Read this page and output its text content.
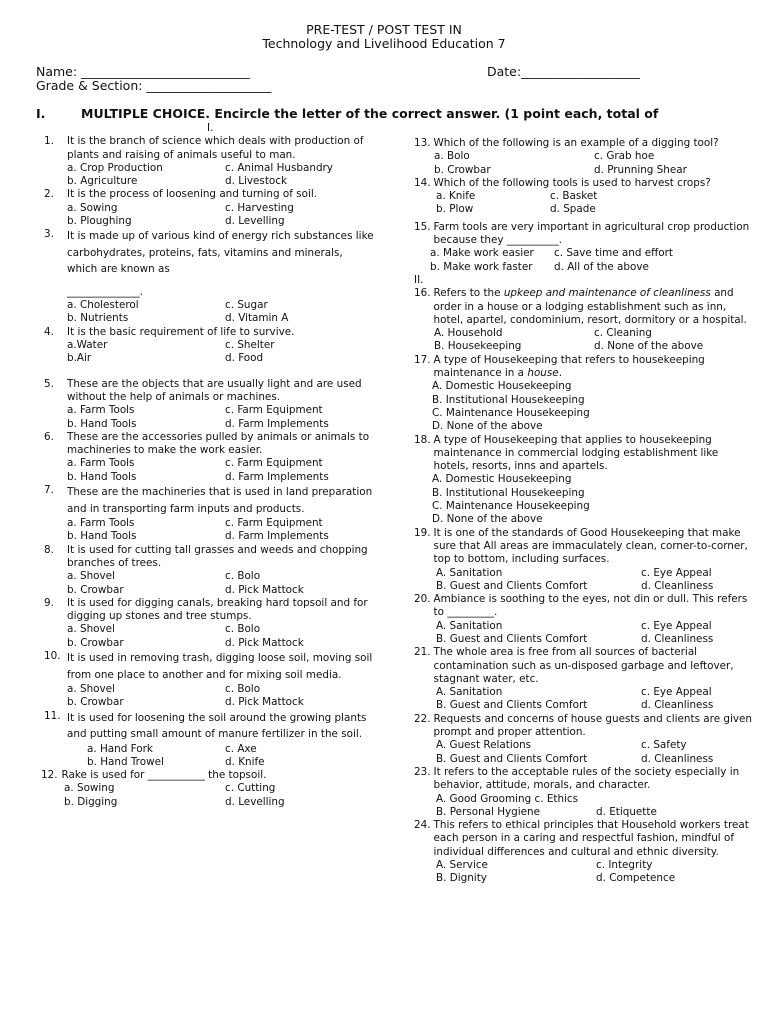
PRE-TEST / POST TEST IN
Technology and Livelihood Education 7
Name: ___________________________	Date:___________________
Grade & Section: ____________________
I.	MULTIPLE CHOICE. Encircle the letter of the correct answer. (1 point each, total of
I.
1.	It is the branch of science which deals with production of plants and raising of animals useful to man.
a. Crop Production	c. Animal Husbandry
b. Agriculture	d. Livestock
2.	It is the process of loosening and turning of soil.
a. Sowing	c. Harvesting
b. Ploughing	d. Levelling
3.	It is made up of various kind of energy rich substances like carbohydrates, proteins, fats, vitamins and minerals, which are known as
______________.
a. Cholesterol	c. Sugar
b. Nutrients	d. Vitamin A
4.	It is the basic requirement of life to survive.
a.Water	c. Shelter
b.Air	d. Food
5.	These are the objects that are usually light and are used without the help of animals or machines.
a. Farm Tools	c. Farm Equipment
b. Hand Tools	d. Farm Implements
6.	These are the accessories pulled by animals or animals to machineries to make the work easier.
a. Farm Tools	c. Farm Equipment
b. Hand Tools	d. Farm Implements
7.	These are the machineries that is used in land preparation and in transporting farm inputs and products.
a. Farm Tools	c. Farm Equipment
b. Hand Tools	d. Farm Implements
8.	It is used for cutting tall grasses and weeds and chopping branches of trees.
a. Shovel	c. Bolo
b. Crowbar	d. Pick Mattock
9.	It is used for digging canals, breaking hard topsoil and for digging up stones and tree stumps.
a. Shovel	c. Bolo
b. Crowbar	d. Pick Mattock
10. It is used in removing trash, digging loose soil, moving soil from one place to another and for mixing soil media.
a. Shovel	c. Bolo
b. Crowbar	d. Pick Mattock
11. It is used for loosening the soil around the growing plants and putting small amount of manure fertilizer in the soil.
a. Hand Fork	c. Axe
b. Hand Trowel	d. Knife
12. Rake is used for ___________ the topsoil.
a. Sowing	c. Cutting
b. Digging	d. Levelling
13. Which of the following is an example of a digging tool?
a. Bolo	c. Grab hoe
b. Crowbar	d. Prunning Shear
14. Which of the following tools is used to harvest crops?
a. Knife	c. Basket
b. Plow	d. Spade
15. Farm tools are very important in agricultural crop production because they __________.
a. Make work easier	c. Save time and effort
b. Make work faster	d. All of the above
II.
16. Refers to the upkeep and maintenance of cleanliness and order in a house or a lodging establishment such as inn, hotel, apartel, condominium, resort, dormitory or a hospital.
A. Household	c. Cleaning
B. Housekeeping	d. None of the above
17. A type of Housekeeping that refers to housekeeping maintenance in a house.
A. Domestic Housekeeping
B. Institutional Housekeeping
C. Maintenance Housekeeping
D. None of the above
18. A type of Housekeeping that applies to housekeeping maintenance in commercial lodging establishment like hotels, resorts, inns and apartels.
A. Domestic Housekeeping
B. Institutional Housekeeping
C. Maintenance Housekeeping
D. None of the above
19. It is one of the standards of Good Housekeeping that make sure that All areas are immaculately clean, corner-to-corner, top to bottom, including surfaces.
A. Sanitation	c. Eye Appeal
B. Guest and Clients Comfort	d. Cleanliness
20. Ambiance is soothing to the eyes, not din or dull. This refers to _________.
A. Sanitation	c. Eye Appeal
B. Guest and Clients Comfort	d. Cleanliness
21. The whole area is free from all sources of bacterial contamination such as un-disposed garbage and leftover, stagnant water, etc.
A. Sanitation	c. Eye Appeal
B. Guest and Clients Comfort	d. Cleanliness
22. Requests and concerns of house guests and clients are given prompt and proper attention.
A. Guest Relations	c. Safety
B. Guest and Clients Comfort	d. Cleanliness
23. It refers to the acceptable rules of the society especially in behavior, attitude, morals, and character.
A. Good Grooming c. Ethics
B. Personal Hygiene	d. Etiquette
24. This refers to ethical principles that Household workers treat each person in a caring and respectful fashion, mindful of individual differences and cultural and ethnic diversity.
A. Service	c. Integrity
B. Dignity	d. Competence
